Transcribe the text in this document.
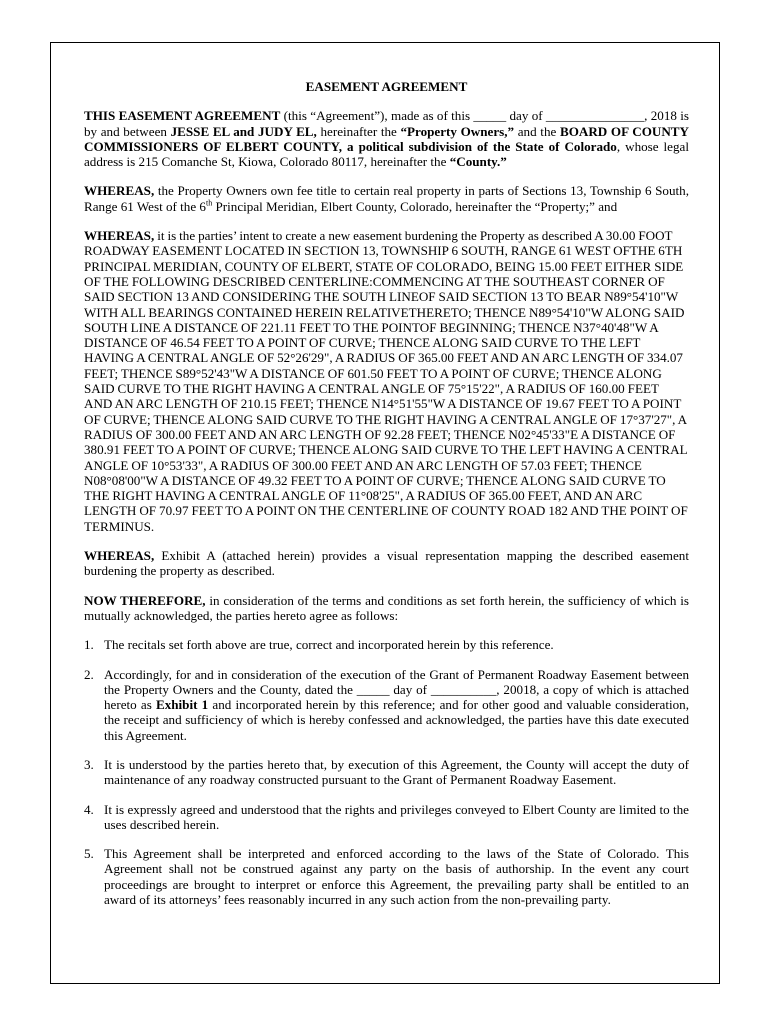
EASEMENT AGREEMENT

THIS EASEMENT AGREEMENT (this “Agreement”), made as of this _____ day of _______________, 2018 is by and between JESSE EL and JUDY EL, hereinafter the “Property Owners,” and the BOARD OF COUNTY COMMISSIONERS OF ELBERT COUNTY, a political subdivision of the State of Colorado, whose legal address is 215 Comanche St, Kiowa, Colorado 80117, hereinafter the “County.”

WHEREAS, the Property Owners own fee title to certain real property in parts of Sections 13, Township 6 South, Range 61 West of the 6th Principal Meridian, Elbert County, Colorado, hereinafter the “Property;” and

WHEREAS, it is the parties’ intent to create a new easement burdening the Property as described A 30.00 FOOT ROADWAY EASEMENT LOCATED IN SECTION 13, TOWNSHIP 6 SOUTH, RANGE 61 WEST OFTHE 6TH PRINCIPAL MERIDIAN, COUNTY OF ELBERT, STATE OF COLORADO, BEING 15.00 FEET EITHER SIDE OF THE FOLLOWING DESCRIBED CENTERLINE:COMMENCING AT THE SOUTHEAST CORNER OF SAID SECTION 13 AND CONSIDERING THE SOUTH LINEOF SAID SECTION 13 TO BEAR N89°54'10"W WITH ALL BEARINGS CONTAINED HEREIN RELATIVETHERETO; THENCE N89°54'10"W ALONG SAID SOUTH LINE A DISTANCE OF 221.11 FEET TO THE POINTOF BEGINNING; THENCE N37°40'48"W A DISTANCE OF 46.54 FEET TO A POINT OF CURVE; THENCE ALONG SAID CURVE TO THE LEFT HAVING A CENTRAL ANGLE OF 52°26'29", A RADIUS OF 365.00 FEET AND AN ARC LENGTH OF 334.07 FEET; THENCE S89°52'43"W A DISTANCE OF 601.50 FEET TO A POINT OF CURVE; THENCE ALONG SAID CURVE TO THE RIGHT HAVING A CENTRAL ANGLE OF 75°15'22", A RADIUS OF 160.00 FEET AND AN ARC LENGTH OF 210.15 FEET; THENCE N14°51'55"W A DISTANCE OF 19.67 FEET TO A POINT OF CURVE; THENCE ALONG SAID CURVE TO THE RIGHT HAVING A CENTRAL ANGLE OF 17°37'27", A RADIUS OF 300.00 FEET AND AN ARC LENGTH OF 92.28 FEET; THENCE N02°45'33"E A DISTANCE OF 380.91 FEET TO A POINT OF CURVE; THENCE ALONG SAID CURVE TO THE LEFT HAVING A CENTRAL ANGLE OF 10°53'33", A RADIUS OF 300.00 FEET AND AN ARC LENGTH OF 57.03 FEET; THENCE N08°08'00"W A DISTANCE OF 49.32 FEET TO A POINT OF CURVE; THENCE ALONG SAID CURVE TO THE RIGHT HAVING A CENTRAL ANGLE OF 11°08'25", A RADIUS OF 365.00 FEET, AND AN ARC LENGTH OF 70.97 FEET TO A POINT ON THE CENTERLINE OF COUNTY ROAD 182 AND THE POINT OF TERMINUS.

WHEREAS, Exhibit A (attached herein) provides a visual representation mapping the described easement burdening the property as described.

NOW THEREFORE, in consideration of the terms and conditions as set forth herein, the sufficiency of which is mutually acknowledged, the parties hereto agree as follows:

1. The recitals set forth above are true, correct and incorporated herein by this reference.
2. Accordingly, for and in consideration of the execution of the Grant of Permanent Roadway Easement between the Property Owners and the County, dated the _____ day of __________, 20018, a copy of which is attached hereto as Exhibit 1 and incorporated herein by this reference; and for other good and valuable consideration, the receipt and sufficiency of which is hereby confessed and acknowledged, the parties have this date executed this Agreement.
3. It is understood by the parties hereto that, by execution of this Agreement, the County will accept the duty of maintenance of any roadway constructed pursuant to the Grant of Permanent Roadway Easement.
4. It is expressly agreed and understood that the rights and privileges conveyed to Elbert County are limited to the uses described herein.
5. This Agreement shall be interpreted and enforced according to the laws of the State of Colorado. This Agreement shall not be construed against any party on the basis of authorship. In the event any court proceedings are brought to interpret or enforce this Agreement, the prevailing party shall be entitled to an award of its attorneys’ fees reasonably incurred in any such action from the non-prevailing party.
